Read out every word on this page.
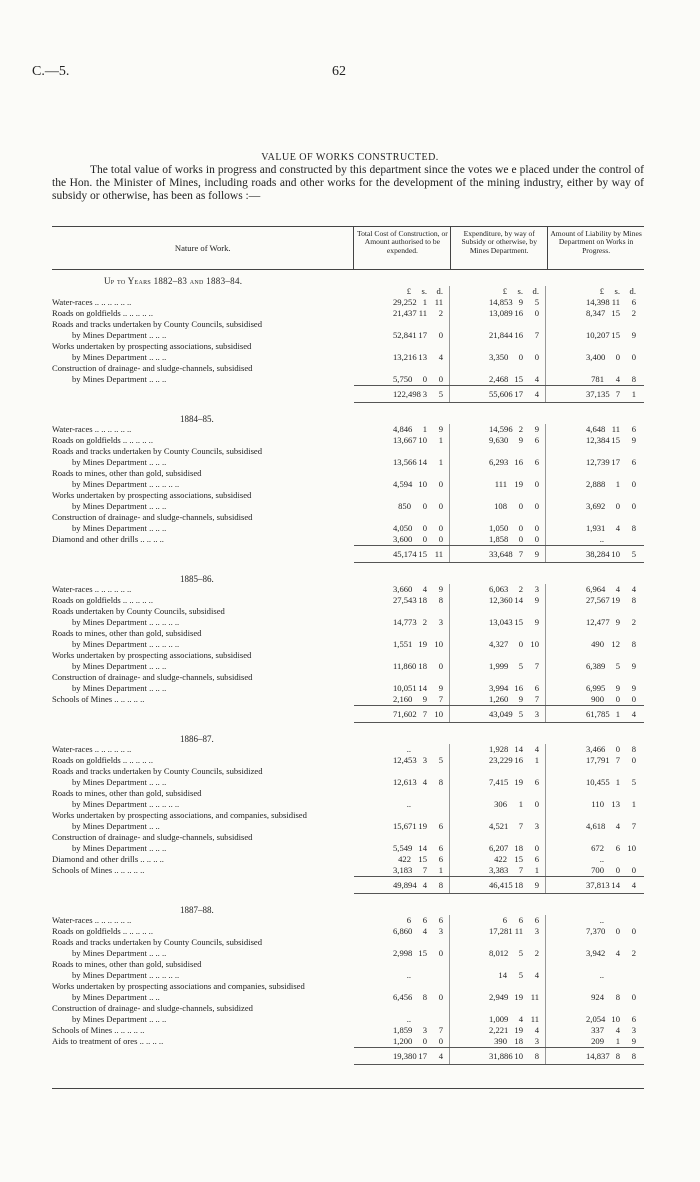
C.—5.	62
VALUE OF WORKS CONSTRUCTED.

The total value of works in progress and constructed by this department since the votes we e placed under the control of the Hon. the Minister of Mines, including roads and other works for the development of the mining industry, either by way of subsidy or otherwise, has been as follows :—

Nature of Work.
Total Cost of Construction, or Amount authorised to be expended.
Expenditure, by way of Subsidy or otherwise, by Mines Department.
Amount of Liability by Mines Department on Works in Progress.
Up to Years 1882–83 and 1883–84.
£	s.	d.	£	s.	d.	£	s.	d.
Water-races .. .. .. .. .. ..	29,252 1 11	14,853 9	5	14,398 11	6
Roads on goldfields .. .. .. .. ..	21,437 11	2	13,089 16	0	8,347 15	2
Roads and tracks undertaken by County Councils, subsidised
by Mines Department .. .. ..	52,841 17	0	21,844 16	7	10,207 15	9
Works undertaken by prospecting associations, subsidised
by Mines Department .. .. ..	13,216 13	4	3,350	0	0	3,400	0	0
Construction of drainage- and sludge-channels, subsidised
by Mines Department .. .. ..	5,750	0	0	2,468 15	4	781	4	8
122,498 3	5	55,606 17	4	37,135 7	1
1884–85.
Water-races .. .. .. .. .. ..	4,846	1	9	14,596 2	9	4,648 11	6
Roads on goldfields .. .. .. .. ..	13,667 10	1	9,630	9	6	12,384 15	9
Roads and tracks undertaken by County Councils, subsidised
by Mines Department .. .. ..	13,566 14	1	6,293 16	6	12,739 17	6
Roads to mines, other than gold, subsidised
by Mines Department .. .. .. .. ..	4,594 10	0	111 19	0	2,888	1	0
Works undertaken by prospecting associations, subsidised
by Mines Department .. .. ..	850	0	0	108	0	0	3,692	0	0
Construction of drainage- and sludge-channels, subsidised
by Mines Department .. .. ..	4,050	0	0	1,050	0	0	1,931	4	8
Diamond and other drills .. .. .. ..	3,600	0	0	1,858	0	0	..
45,174 15 11	33,648 7	9	38,284 10	5
1885–86.
Water-races .. .. .. .. .. ..	3,660	4	9	6,063	2	3	6,964	4	4
Roads on goldfields .. .. .. .. ..	27,543 18	8	12,360 14	9	27,567 19	8
Roads undertaken by County Councils, subsidised
by Mines Department .. .. .. .. ..	14,773 2	3	13,043 15	9	12,477 9	2
Roads to mines, other than gold, subsidised
by Mines Department .. .. .. .. ..	1,551 19 10	4,327	0 10	490 12	8
Works undertaken by prospecting associations, subsidised
by Mines Department .. .. ..	11,860 18	0	1,999	5	7	6,389	5	9
Construction of drainage- and sludge-channels, subsidised
by Mines Department .. .. ..	10,051 14	9	3,994 16	6	6,995	9	9
Schools of Mines .. .. .. .. ..	2,160	9	7	1,260	9	7	900	0	0
71,602 7 10	43,049 5	3	61,785 1	4
1886–87.
Water-races .. .. .. .. .. ..	..	1,928 14	4	3,466	0	8
Roads on goldfields .. .. .. .. ..	12,453 3	5	23,229 16	1	17,791 7	0
Roads and tracks undertaken by County Councils, subsidized
by Mines Department .. .. ..	12,613 4	8	7,415 19	6	10,455 1	5
Roads to mines, other than gold, subsidised
by Mines Department .. .. .. .. ..	..	306	1	0	110 13	1
Works undertaken by prospecting associations, and companies, subsidised
by Mines Department .. ..	15,671 19	6	4,521	7	3	4,618	4	7
Construction of drainage- and sludge-channels, subsidised
by Mines Department .. .. ..	5,549 14	6	6,207 18	0	672	6 10
Diamond and other drills .. .. .. ..	422 15	6	422 15	6	..
Schools of Mines .. .. .. .. ..	3,183	7	1	3,383	7	1	700	0	0
49,894 4	8	46,415 18	9	37,813 14	4
1887–88.
Water-races .. .. .. .. .. ..	6	6	6	6	6	6	..
Roads on goldfields .. .. .. .. ..	6,860	4	3	17,281 11	3	7,370	0	0
Roads and tracks undertaken by County Councils, subsidised
by Mines Department .. .. ..	2,998 15	0	8,012	5	2	3,942	4	2
Roads to mines, other than gold, subsidised
by Mines Department .. .. .. .. ..	..	14	5	4	..
Works undertaken by prospecting associations and companies, subsidised
by Mines Department .. ..	6,456	8	0	2,949 19 11	924	8	0
Construction of drainage- and sludge-channels, subsidized
by Mines Department .. .. ..	..	1,009	4 11	2,054 10	6
Schools of Mines .. .. .. .. ..	1,859	3	7	2,221 19	4	337	4	3
Aids to treatment of ores .. .. .. ..	1,200	0	0	390 18	3	209	1	9
19,380 17	4	31,886 10	8	14,837 8	8
